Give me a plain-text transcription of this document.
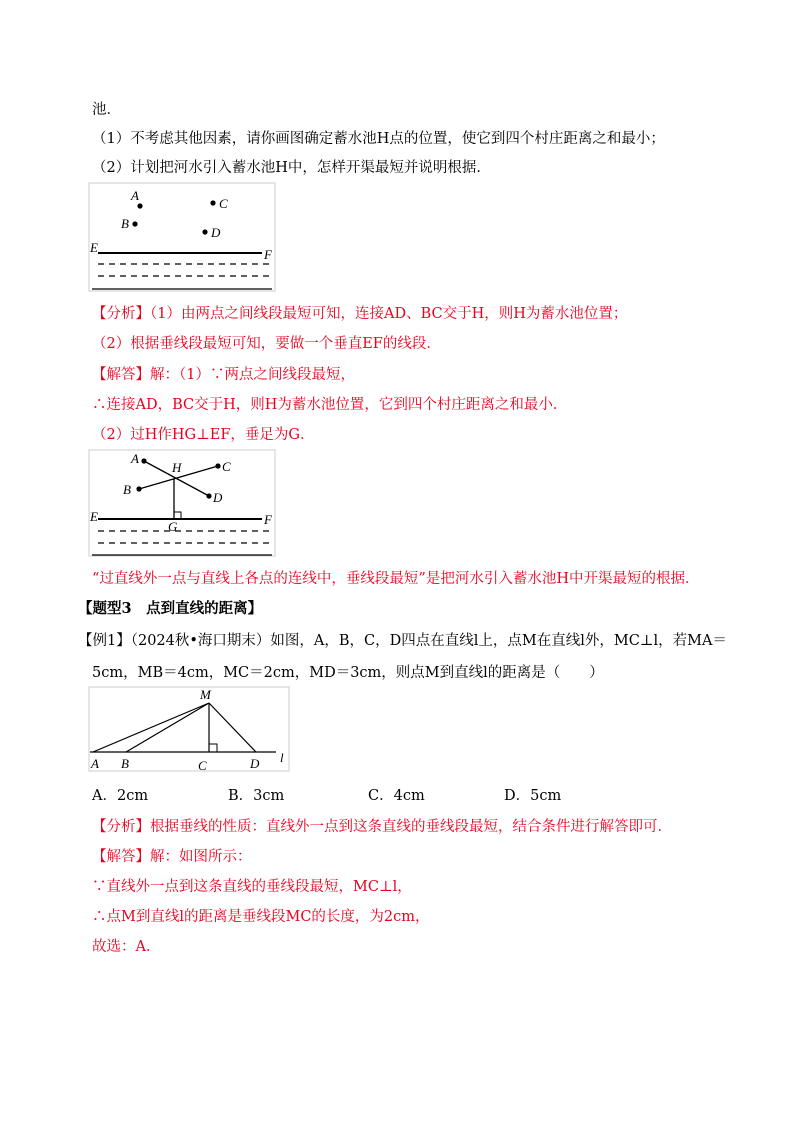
池．
（1）不考虑其他因素，请你画图确定蓄水池H点的位置，使它到四个村庄距离之和最小；
（2）计划把河水引入蓄水池H中，怎样开渠最短并说明根据．
A
B
C
D
E	F
【分析】（1）由两点之间线段最短可知，连接AD、BC交于H，则H为蓄水池位置；
（2）根据垂线段最短可知，要做一个垂直EF的线段．
【解答】解：（1）∵两点之间线段最短，
∴连接AD，BC交于H，则H为蓄水池位置，它到四个村庄距离之和最小．
（2）过H作HG⊥EF，垂足为G．
A
B
C
D
H
G
E	F
“过直线外一点与直线上各点的连线中，垂线段最短”是把河水引入蓄水池H中开渠最短的根据．
【题型3　点到直线的距离】
【例1】（2024秋•海口期末）如图，A，B，C，D四点在直线l上，点M在直线l外，MC⊥l，若MA＝
5cm，MB＝4cm，MC＝2cm，MD＝3cm，则点M到直线l的距离是（　　）
M
A B	C	D l
A．2cm	B．3cm	C．4cm	D．5cm
【分析】根据垂线的性质：直线外一点到这条直线的垂线段最短，结合条件进行解答即可．
【解答】解：如图所示：
∵直线外一点到这条直线的垂线段最短，MC⊥l，
∴点M到直线l的距离是垂线段MC的长度，为2cm，
故选：A．
